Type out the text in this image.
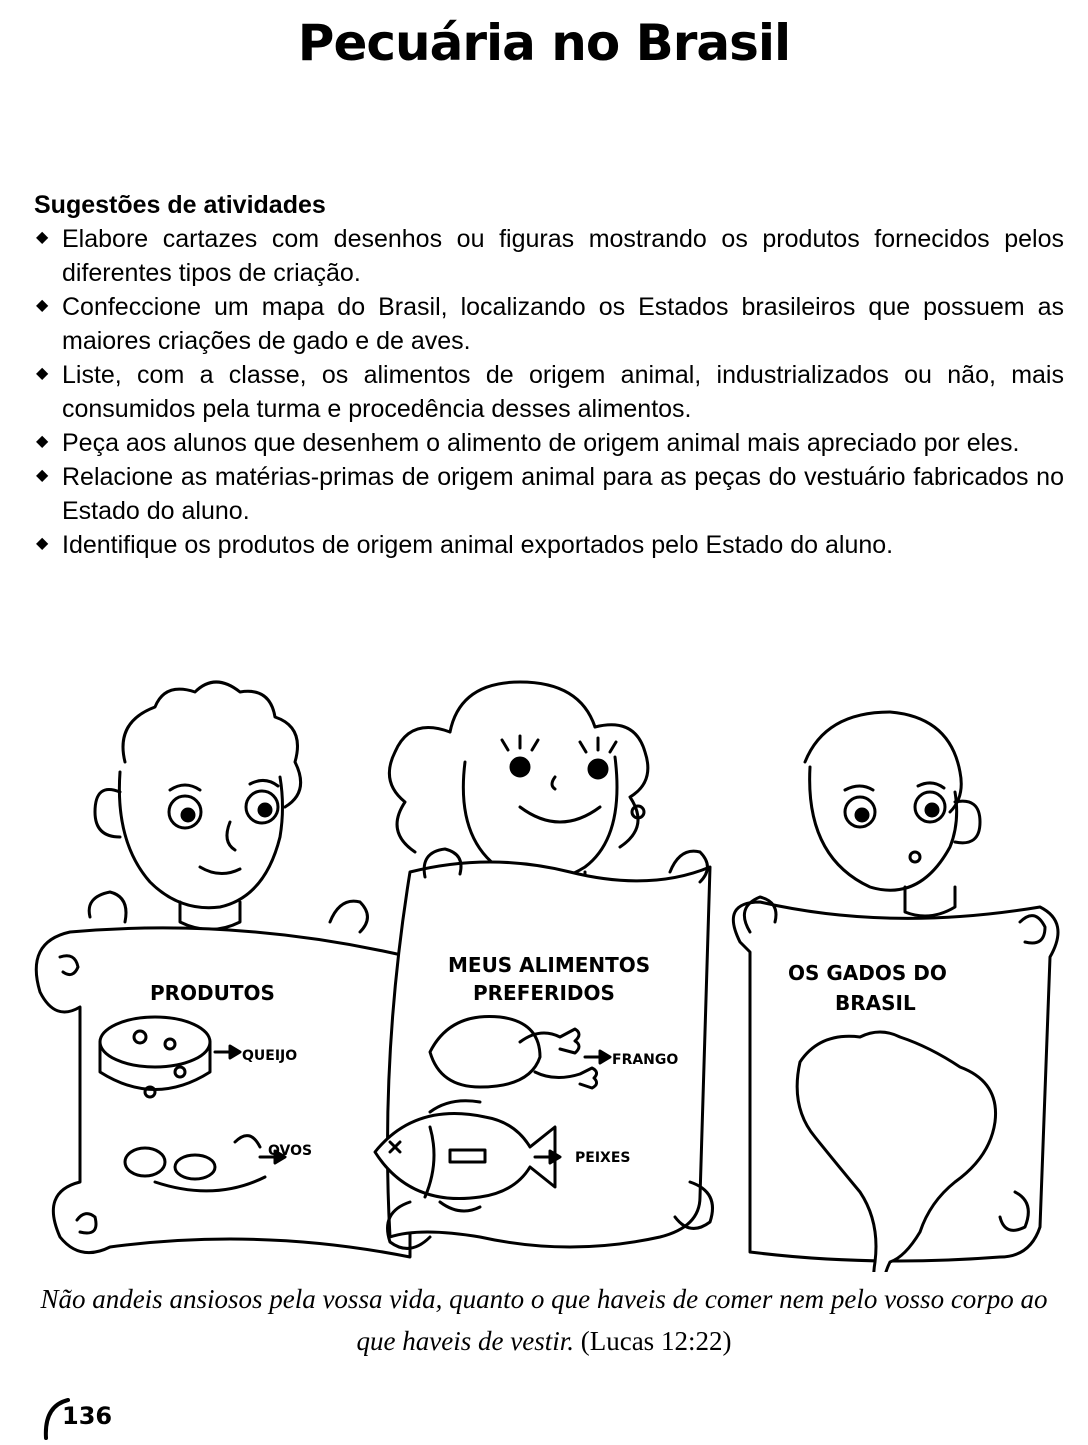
Pecuária no Brasil
Sugestões de atividades
◆ Elabore cartazes com desenhos ou figuras mostrando os produtos fornecidos pelos diferentes tipos de criação.
◆ Confeccione um mapa do Brasil, localizando os Estados brasileiros que possuem as maiores criações de gado e de aves.
◆ Liste, com a classe, os alimentos de origem animal, industrializados ou não, mais consumidos pela turma e procedência desses alimentos.
◆ Peça aos alunos que desenhem o alimento de origem animal mais apreciado por eles.
◆ Relacione as matérias-primas de origem animal para as peças do vestuário fabricados no Estado do aluno.
◆ Identifique os produtos de origem animal exportados pelo Estado do aluno.
PRODUTOS
QUEIJO
OVOS
MEUS ALIMENTOS
PREFERIDOS
FRANGO
PEIXES
OS GADOS DO
BRASIL
Não andeis ansiosos pela vossa vida, quanto o que haveis de comer nem pelo vosso corpo ao que haveis de vestir. (Lucas 12:22)
136
